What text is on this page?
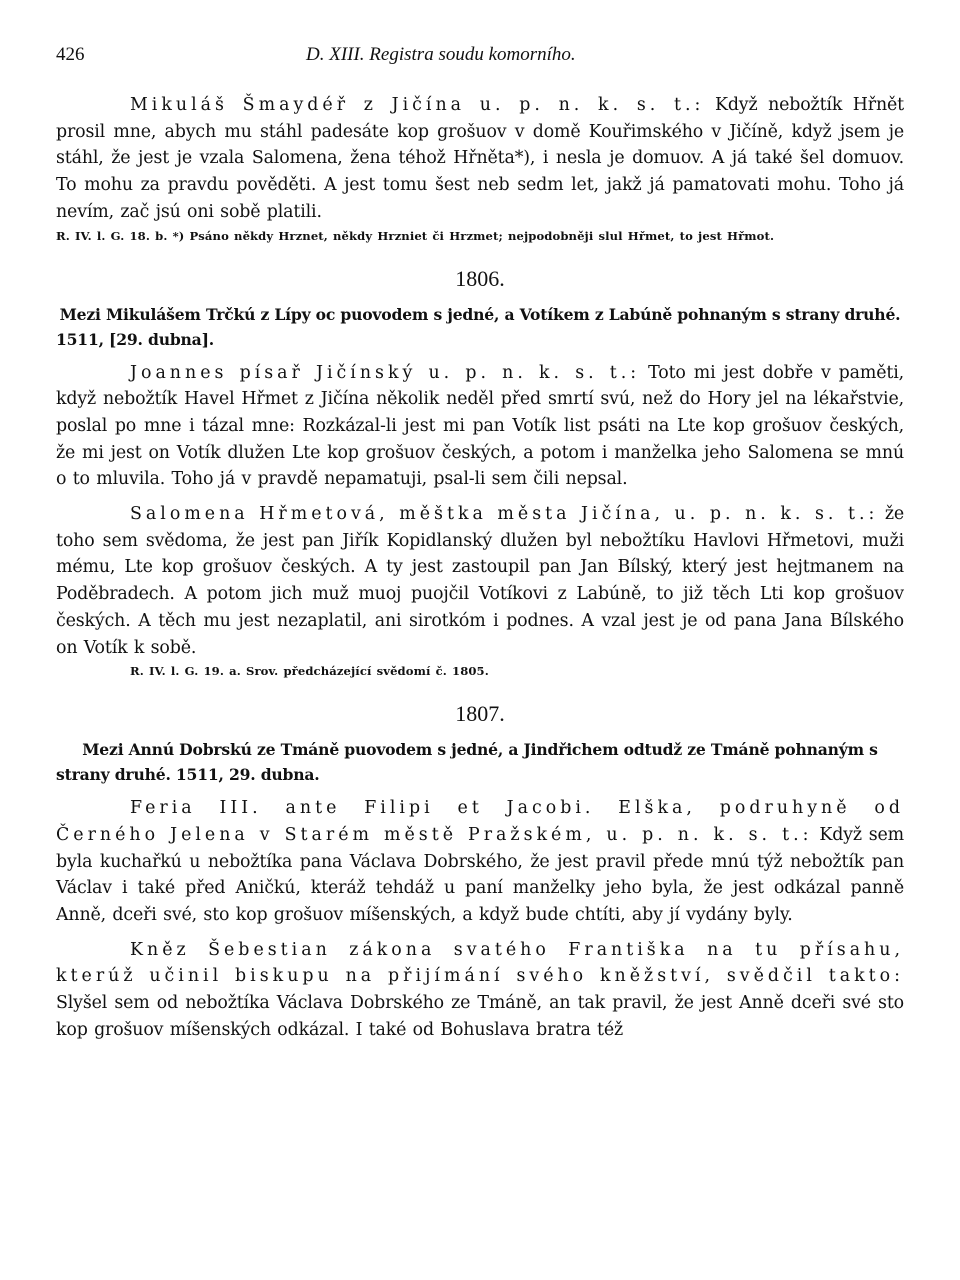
426	D. XIII. Registra soudu komorního.

Mikuláš Šmaydéř z Jičína u. p. n. k. s. t.: Když nebožtík Hřnět prosil mne, abych mu stáhl padesáte kop grošuov v domě Kouřimského v Jičíně, když jsem je stáhl, že jest je vzala Salomena, žena téhož Hřněta*), i nesla je domuov. A já také šel domuov. To mohu za pravdu pověděti. A jest tomu šest neb sedm let, jakž já pamatovati mohu. Toho já nevím, zač jsú oni sobě platili.

R. IV. l. G. 18. b. *) Psáno někdy Hrznet, někdy Hrzniet či Hrzmet; nejpodobněji slul Hřmet, to jest Hřmot.

1806.

Mezi Mikulášem Trčkú z Lípy oc puovodem s jedné, a Votíkem z Labúně pohnaným s strany druhé. 1511, [29. dubna].

Joannes písař Jičínský u. p. n. k. s. t.: Toto mi jest dobře v paměti, když nebožtík Havel Hřmet z Jičína několik neděl před smrtí svú, než do Hory jel na lékařstvie, poslal po mne i tázal mne: Rozkázal-li jest mi pan Votík list psáti na Lte kop grošuov českých, že mi jest on Votík dlužen Lte kop grošuov českých, a potom i manželka jeho Salomena se mnú o to mluvila. Toho já v pravdě nepamatuji, psal-li sem čili nepsal.

Salomena Hřmetová, měštka města Jičína, u. p. n. k. s. t.: že toho sem svědoma, že jest pan Jiřík Kopidlanský dlužen byl nebožtíku Havlovi Hřmetovi, muži mému, Lte kop grošuov českých. A ty jest zastoupil pan Jan Bílský, který jest hejtmanem na Poděbradech. A potom jich muž muoj puojčil Votíkovi z Labúně, to již těch Lti kop grošuov českých. A těch mu jest nezaplatil, ani sirotkóm i podnes. A vzal jest je od pana Jana Bílského on Votík k sobě.

R. IV. l. G. 19. a. Srov. předcházející svědomí č. 1805.

1807.

Mezi Annú Dobrskú ze Tmáně puovodem s jedné, a Jindřichem odtudž ze Tmáně pohnaným s strany druhé. 1511, 29. dubna.

Feria III. ante Filipi et Jacobi. Elška, podruhyně od Černého Jelena v Starém městě Pražském, u. p. n. k. s. t.: Když sem byla kuchařkú u nebožtíka pana Václava Dobrského, že jest pravil přede mnú týž nebožtík pan Václav i také před Aničkú, kteráž tehdáž u paní manželky jeho byla, že jest odkázal panně Anně, dceři své, sto kop grošuov míšenských, a když bude chtíti, aby jí vydány byly.

Kněz Šebestian zákona svatého Františka na tu přísahu, kterúž učinil biskupu na přijímání svého kněžství, svědčil takto: Slyšel sem od nebožtíka Václava Dobrského ze Tmáně, an tak pravil, že jest Anně dceři své sto kop grošuov míšenských odkázal. I také od Bohuslava bratra též
